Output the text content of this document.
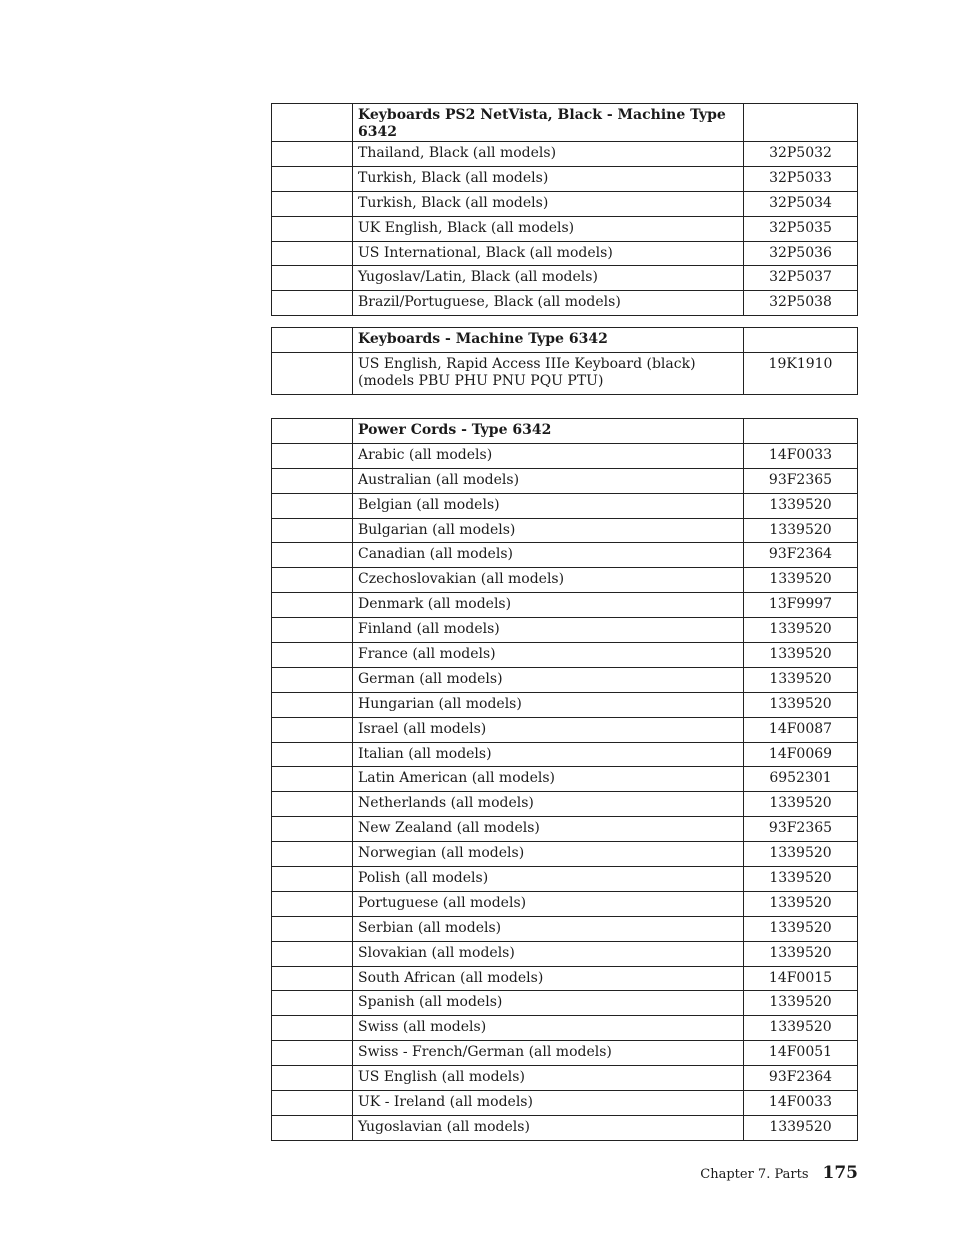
	Keyboards PS2 NetVista, Black - Machine Type 6342	
	Thailand, Black (all models)	32P5032
	Turkish, Black (all models)	32P5033
	Turkish, Black (all models)	32P5034
	UK English, Black (all models)	32P5035
	US International, Black (all models)	32P5036
	Yugoslav/Latin, Black (all models)	32P5037
	Brazil/Portuguese, Black (all models)	32P5038
	Keyboards - Machine Type 6342	
	US English, Rapid Access IIIe Keyboard (black) (models PBU PHU PNU PQU PTU)	19K1910
	Power Cords - Type 6342	
	Arabic (all models)	14F0033
	Australian (all models)	93F2365
	Belgian (all models)	1339520
	Bulgarian (all models)	1339520
	Canadian (all models)	93F2364
	Czechoslovakian (all models)	1339520
	Denmark (all models)	13F9997
	Finland (all models)	1339520
	France (all models)	1339520
	German (all models)	1339520
	Hungarian (all models)	1339520
	Israel (all models)	14F0087
	Italian (all models)	14F0069
	Latin American (all models)	6952301
	Netherlands (all models)	1339520
	New Zealand (all models)	93F2365
	Norwegian (all models)	1339520
	Polish (all models)	1339520
	Portuguese (all models)	1339520
	Serbian (all models)	1339520
	Slovakian (all models)	1339520
	South African (all models)	14F0015
	Spanish (all models)	1339520
	Swiss (all models)	1339520
	Swiss - French/German (all models)	14F0051
	US English (all models)	93F2364
	UK - Ireland (all models)	14F0033
	Yugoslavian (all models)	1339520
Chapter 7. Parts 175
